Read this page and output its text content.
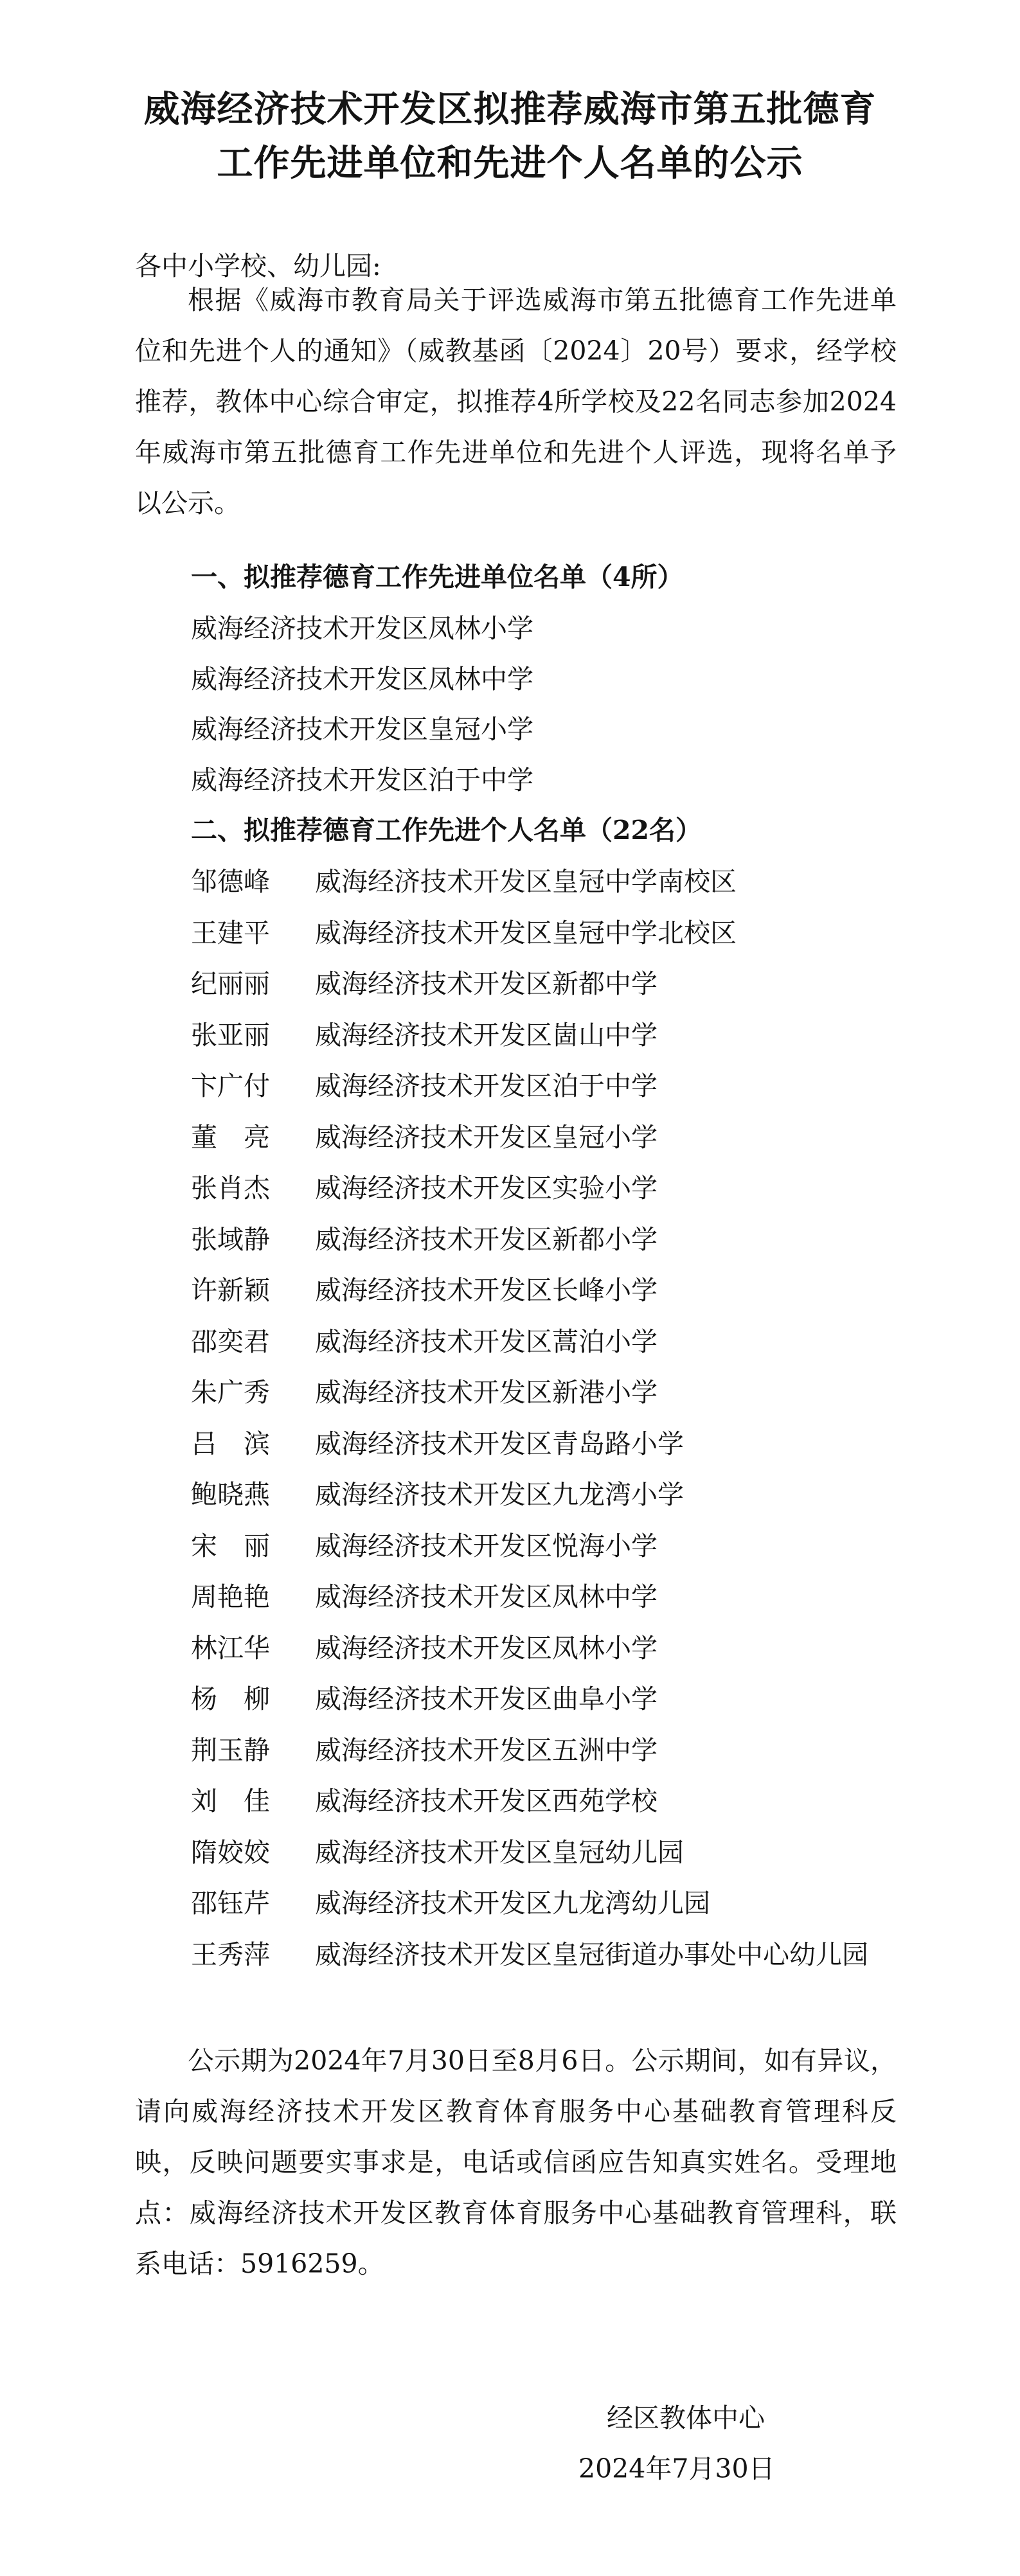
威海经济技术开发区拟推荐威海市第五批德育
工作先进单位和先进个人名单的公示
各中小学校、幼儿园:
根据《威海市教育局关于评选威海市第五批德育工作先进单位和先进个人的通知》（威教基函〔2024〕20号）要求，经学校推荐，教体中心综合审定，拟推荐4所学校及22名同志参加2024年威海市第五批德育工作先进单位和先进个人评选，现将名单予以公示。
一、拟推荐德育工作先进单位名单（4所）
威海经济技术开发区凤林小学
威海经济技术开发区凤林中学
威海经济技术开发区皇冠小学
威海经济技术开发区泊于中学
二、拟推荐德育工作先进个人名单（22名）
邹德峰 威海经济技术开发区皇冠中学南校区
王建平 威海经济技术开发区皇冠中学北校区
纪丽丽 威海经济技术开发区新都中学
张亚丽 威海经济技术开发区崮山中学
卞广付 威海经济技术开发区泊于中学
董　亮 威海经济技术开发区皇冠小学
张肖杰 威海经济技术开发区实验小学
张域静 威海经济技术开发区新都小学
许新颖 威海经济技术开发区长峰小学
邵奕君 威海经济技术开发区蒿泊小学
朱广秀 威海经济技术开发区新港小学
吕　滨 威海经济技术开发区青岛路小学
鲍晓燕 威海经济技术开发区九龙湾小学
宋　丽 威海经济技术开发区悦海小学
周艳艳 威海经济技术开发区凤林中学
林江华 威海经济技术开发区凤林小学
杨　柳 威海经济技术开发区曲阜小学
荆玉静 威海经济技术开发区五洲中学
刘　佳 威海经济技术开发区西苑学校
隋姣姣 威海经济技术开发区皇冠幼儿园
邵钰芹 威海经济技术开发区九龙湾幼儿园
王秀萍 威海经济技术开发区皇冠街道办事处中心幼儿园
公示期为2024年7月30日至8月6日。公示期间，如有异议，请向威海经济技术开发区教育体育服务中心基础教育管理科反映，反映问题要实事求是，电话或信函应告知真实姓名。受理地点：威海经济技术开发区教育体育服务中心基础教育管理科，联系电话：5916259。
经区教体中心
2024年7月30日
